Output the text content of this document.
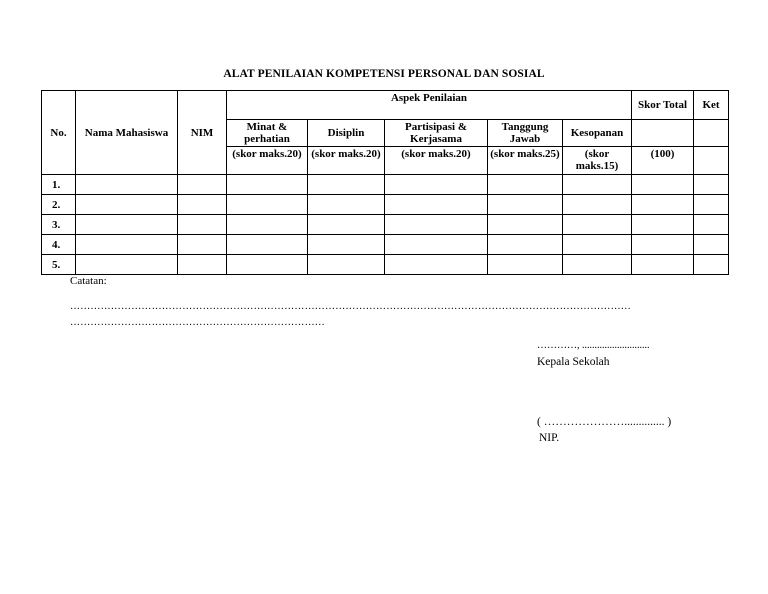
ALAT PENILAIAN KOMPETENSI PERSONAL DAN SOSIAL
No.	Nama Mahasiswa	NIM	Aspek Penilaian					Skor Total	Ket
			Minat & perhatian	Disiplin	Partisipasi & Kerjasama	Tanggung Jawab	Kesopanan		
			(skor maks.20)	(skor maks.20)	(skor maks.20)	(skor maks.25)	(skor maks.15)	(100)	
1.									
2.									
3.									
4.									
5.									
Catatan:
…………………………………………………………………………………………………………………………………………………
…………………………………………………………………
…………, ...........................
Kepala Sekolah
( ………………….............. )
NIP.
